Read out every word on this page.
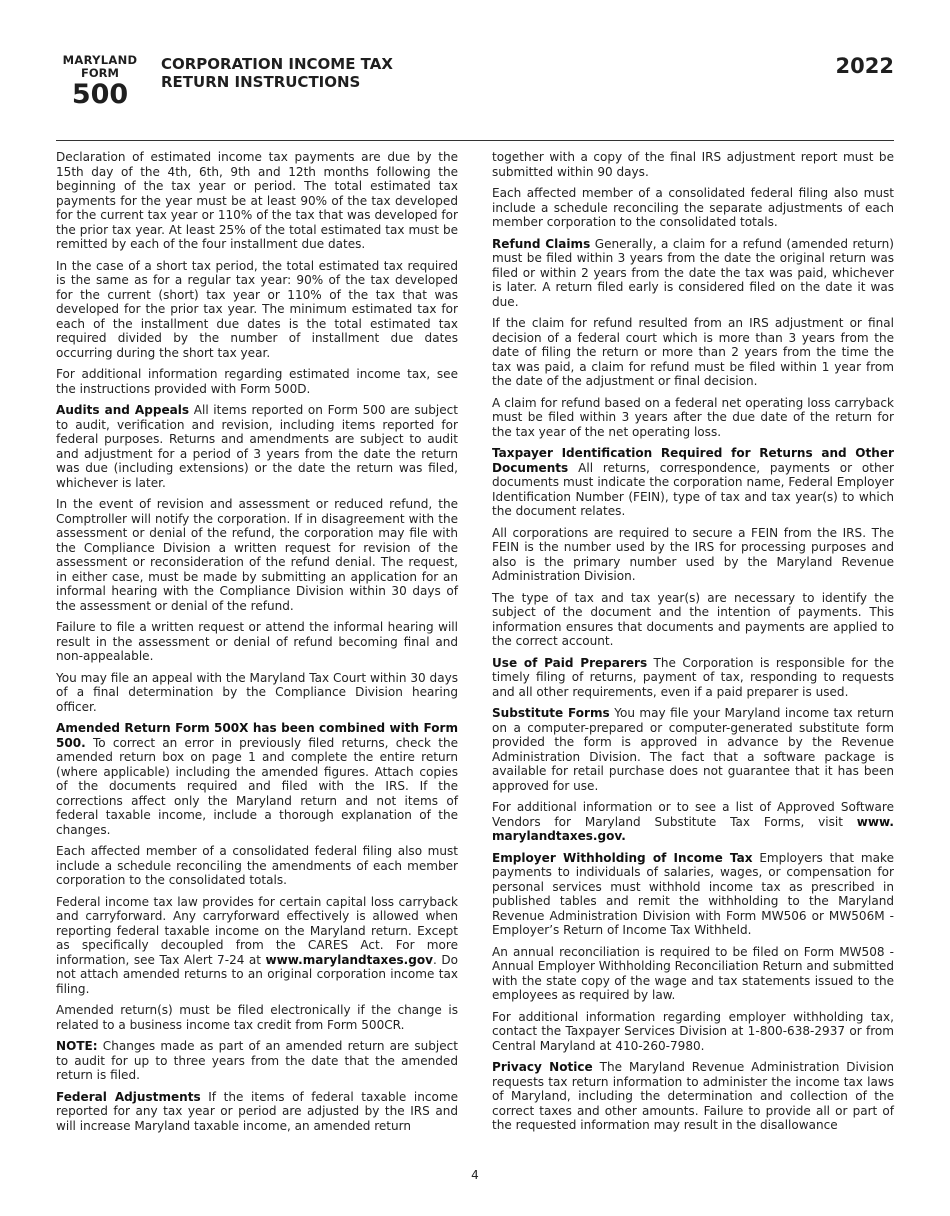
MARYLAND
FORM
500
CORPORATION INCOME TAX
RETURN INSTRUCTIONS
2022

Declaration of estimated income tax payments are due by the 15th day of the 4th, 6th, 9th and 12th months following the beginning of the tax year or period. The total estimated tax payments for the year must be at least 90% of the tax developed for the current tax year or 110% of the tax that was developed for the prior tax year. At least 25% of the total estimated tax must be remitted by each of the four installment due dates.

In the case of a short tax period, the total estimated tax required is the same as for a regular tax year: 90% of the tax developed for the current (short) tax year or 110% of the tax that was developed for the prior tax year. The minimum estimated tax for each of the installment due dates is the total estimated tax required divided by the number of installment due dates occurring during the short tax year.

For additional information regarding estimated income tax, see the instructions provided with Form 500D.

Audits and Appeals All items reported on Form 500 are subject to audit, verification and revision, including items reported for federal purposes. Returns and amendments are subject to audit and adjustment for a period of 3 years from the date the return was due (including extensions) or the date the return was filed, whichever is later.

In the event of revision and assessment or reduced refund, the Comptroller will notify the corporation. If in disagreement with the assessment or denial of the refund, the corporation may file with the Compliance Division a written request for revision of the assessment or reconsideration of the refund denial. The request, in either case, must be made by submitting an application for an informal hearing with the Compliance Division within 30 days of the assessment or denial of the refund.

Failure to file a written request or attend the informal hearing will result in the assessment or denial of refund becoming final and non-appealable.

You may file an appeal with the Maryland Tax Court within 30 days of a final determination by the Compliance Division hearing officer.

Amended Return Form 500X has been combined with Form 500. To correct an error in previously filed returns, check the amended return box on page 1 and complete the entire return (where applicable) including the amended figures. Attach copies of the documents required and filed with the IRS. If the corrections affect only the Maryland return and not items of federal taxable income, include a thorough explanation of the changes.

Each affected member of a consolidated federal filing also must include a schedule reconciling the amendments of each member corporation to the consolidated totals.

Federal income tax law provides for certain capital loss carryback and carryforward. Any carryforward effectively is allowed when reporting federal taxable income on the Maryland return. Except as specifically decoupled from the CARES Act. For more information, see Tax Alert 7-24 at www.marylandtaxes.gov. Do not attach amended returns to an original corporation income tax filing.

Amended return(s) must be filed electronically if the change is related to a business income tax credit from Form 500CR.

NOTE: Changes made as part of an amended return are subject to audit for up to three years from the date that the amended return is filed.

Federal Adjustments If the items of federal taxable income reported for any tax year or period are adjusted by the IRS and will increase Maryland taxable income, an amended return

together with a copy of the final IRS adjustment report must be submitted within 90 days.

Each affected member of a consolidated federal filing also must include a schedule reconciling the separate adjustments of each member corporation to the consolidated totals.

Refund Claims Generally, a claim for a refund (amended return) must be filed within 3 years from the date the original return was filed or within 2 years from the date the tax was paid, whichever is later. A return filed early is considered filed on the date it was due.

If the claim for refund resulted from an IRS adjustment or final decision of a federal court which is more than 3 years from the date of filing the return or more than 2 years from the time the tax was paid, a claim for refund must be filed within 1 year from the date of the adjustment or final decision.

A claim for refund based on a federal net operating loss carryback must be filed within 3 years after the due date of the return for the tax year of the net operating loss.

Taxpayer Identification Required for Returns and Other Documents All returns, correspondence, payments or other documents must indicate the corporation name, Federal Employer Identification Number (FEIN), type of tax and tax year(s) to which the document relates.

All corporations are required to secure a FEIN from the IRS. The FEIN is the number used by the IRS for processing purposes and also is the primary number used by the Maryland Revenue Administration Division.

The type of tax and tax year(s) are necessary to identify the subject of the document and the intention of payments. This information ensures that documents and payments are applied to the correct account.

Use of Paid Preparers The Corporation is responsible for the timely filing of returns, payment of tax, responding to requests and all other requirements, even if a paid preparer is used.

Substitute Forms You may file your Maryland income tax return on a computer-prepared or computer-generated substitute form provided the form is approved in advance by the Revenue Administration Division. The fact that a software package is available for retail purchase does not guarantee that it has been approved for use.

For additional information or to see a list of Approved Software Vendors for Maryland Substitute Tax Forms, visit www. marylandtaxes.gov.

Employer Withholding of Income Tax Employers that make payments to individuals of salaries, wages, or compensation for personal services must withhold income tax as prescribed in published tables and remit the withholding to the Maryland Revenue Administration Division with Form MW506 or MW506M - Employer’s Return of Income Tax Withheld.

An annual reconciliation is required to be filed on Form MW508 - Annual Employer Withholding Reconciliation Return and submitted with the state copy of the wage and tax statements issued to the employees as required by law.

For additional information regarding employer withholding tax, contact the Taxpayer Services Division at 1-800-638-2937 or from Central Maryland at 410-260-7980.

Privacy Notice The Maryland Revenue Administration Division requests tax return information to administer the income tax laws of Maryland, including the determination and collection of the correct taxes and other amounts. Failure to provide all or part of the requested information may result in the disallowance

4
